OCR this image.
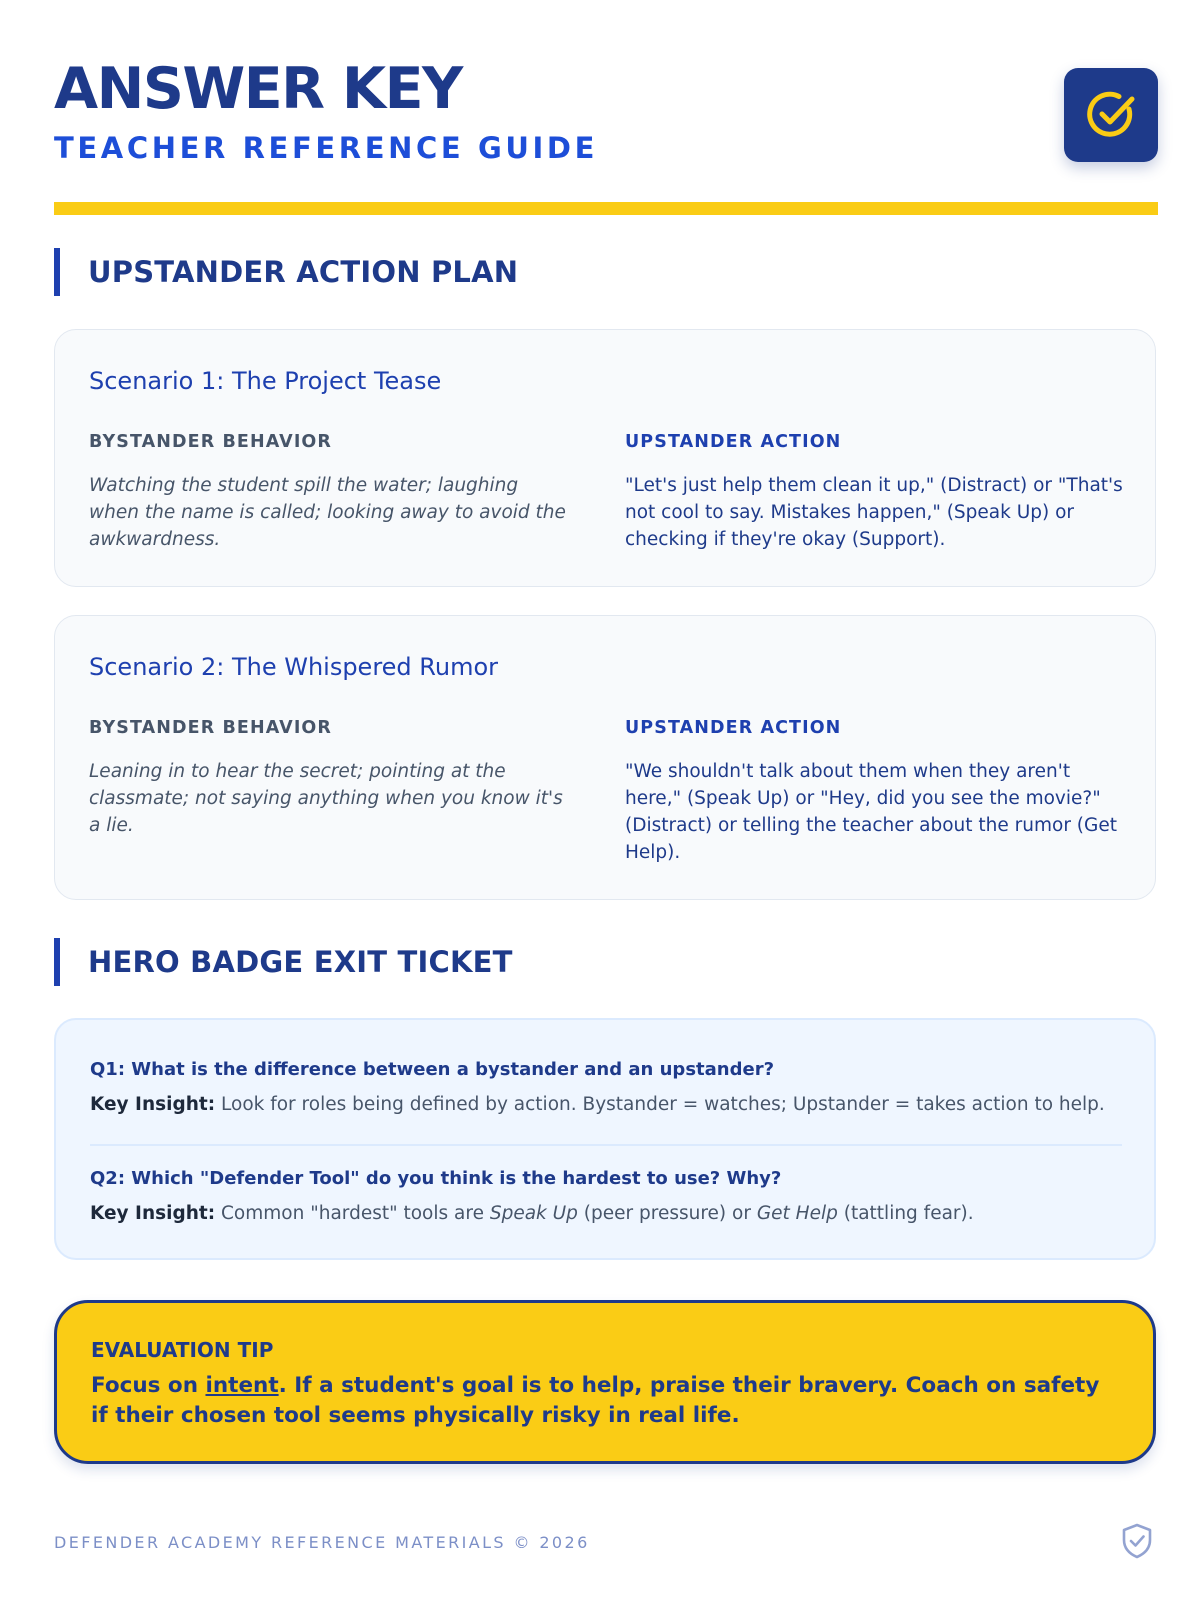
ANSWER KEY
TEACHER REFERENCE GUIDE
UPSTANDER ACTION PLAN
Scenario 1: The Project Tease
BYSTANDER BEHAVIOR	UPSTANDER ACTION
Watching the student spill the water; laughing when the name is called; looking away to avoid the awkwardness.
"Let's just help them clean it up," (Distract) or "That's not cool to say. Mistakes happen," (Speak Up) or checking if they're okay (Support).
Scenario 2: The Whispered Rumor
BYSTANDER BEHAVIOR	UPSTANDER ACTION
Leaning in to hear the secret; pointing at the classmate; not saying anything when you know it's a lie.
"We shouldn't talk about them when they aren't here," (Speak Up) or "Hey, did you see the movie?" (Distract) or telling the teacher about the rumor (Get Help).
HERO BADGE EXIT TICKET
Q1: What is the difference between a bystander and an upstander?
Key Insight: Look for roles being defined by action. Bystander = watches; Upstander = takes action to help.
Q2: Which "Defender Tool" do you think is the hardest to use? Why?
Key Insight: Common "hardest" tools are Speak Up (peer pressure) or Get Help (tattling fear).
EVALUATION TIP
Focus on intent. If a student's goal is to help, praise their bravery. Coach on safety if their chosen tool seems physically risky in real life.
DEFENDER ACADEMY REFERENCE MATERIALS © 2026
